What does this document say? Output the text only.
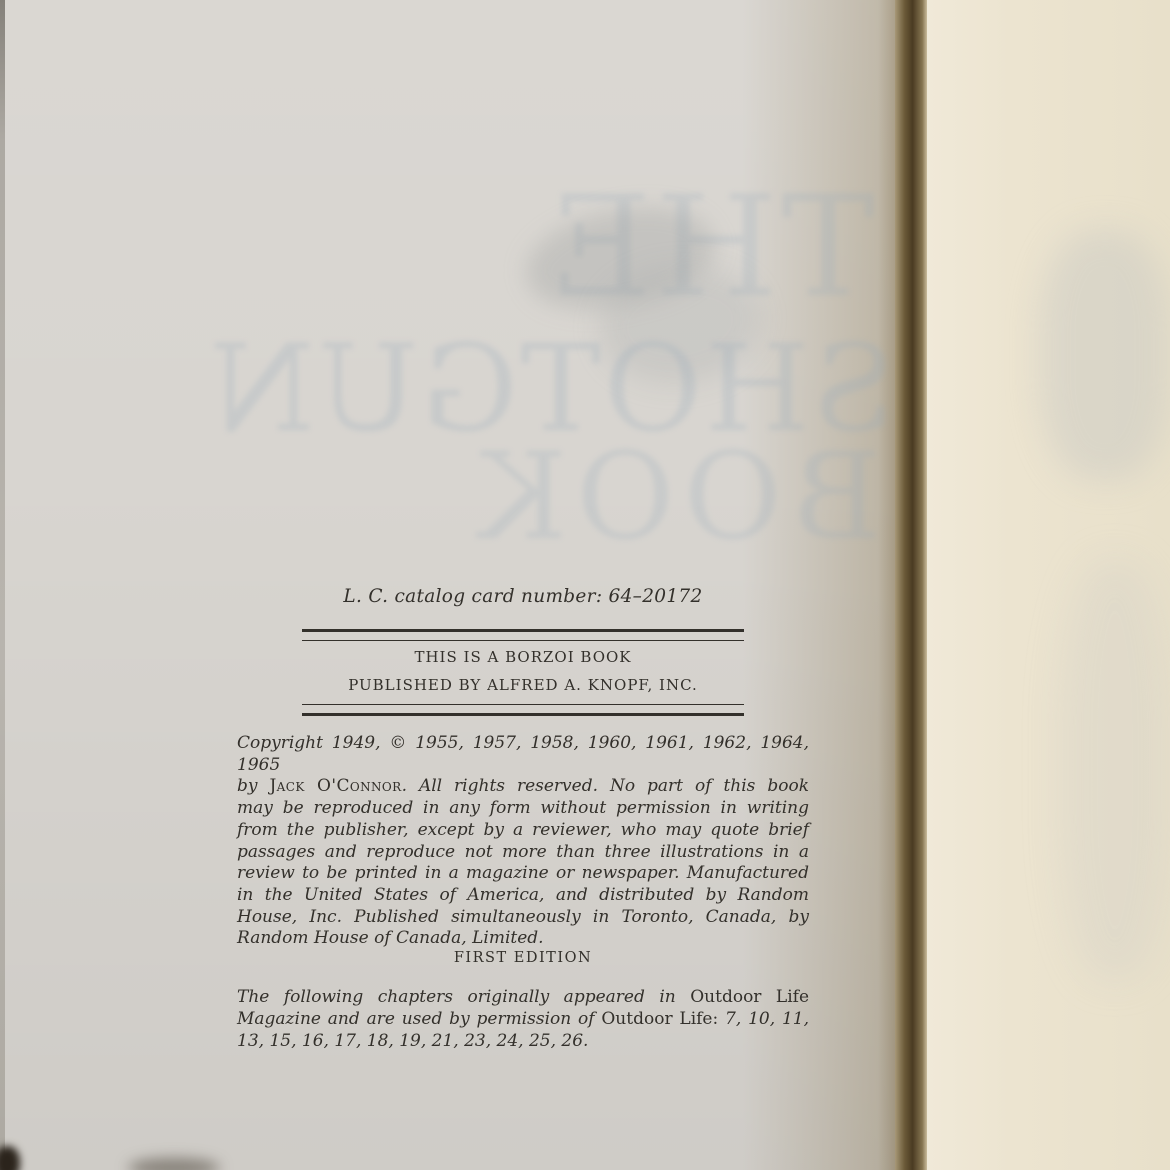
THE
SHOTGUN
BOOK
L. C. catalog card number: 64–20172
THIS IS A BORZOI BOOK
PUBLISHED BY ALFRED A. KNOPF, INC.
Copyright 1949, © 1955, 1957, 1958, 1960, 1961, 1962, 1964, 1965
by Jack O'Connor. All rights reserved. No part of this book
may be reproduced in any form without permission in writing
from the publisher, except by a reviewer, who may quote brief
passages and reproduce not more than three illustrations in a
review to be printed in a magazine or newspaper. Manufactured
in the United States of America, and distributed by Random
House, Inc. Published simultaneously in Toronto, Canada, by
Random House of Canada, Limited.
FIRST EDITION
The following chapters originally appeared in Outdoor Life
Magazine and are used by permission of Outdoor Life: 7, 10, 11,
13, 15, 16, 17, 18, 19, 21, 23, 24, 25, 26.
